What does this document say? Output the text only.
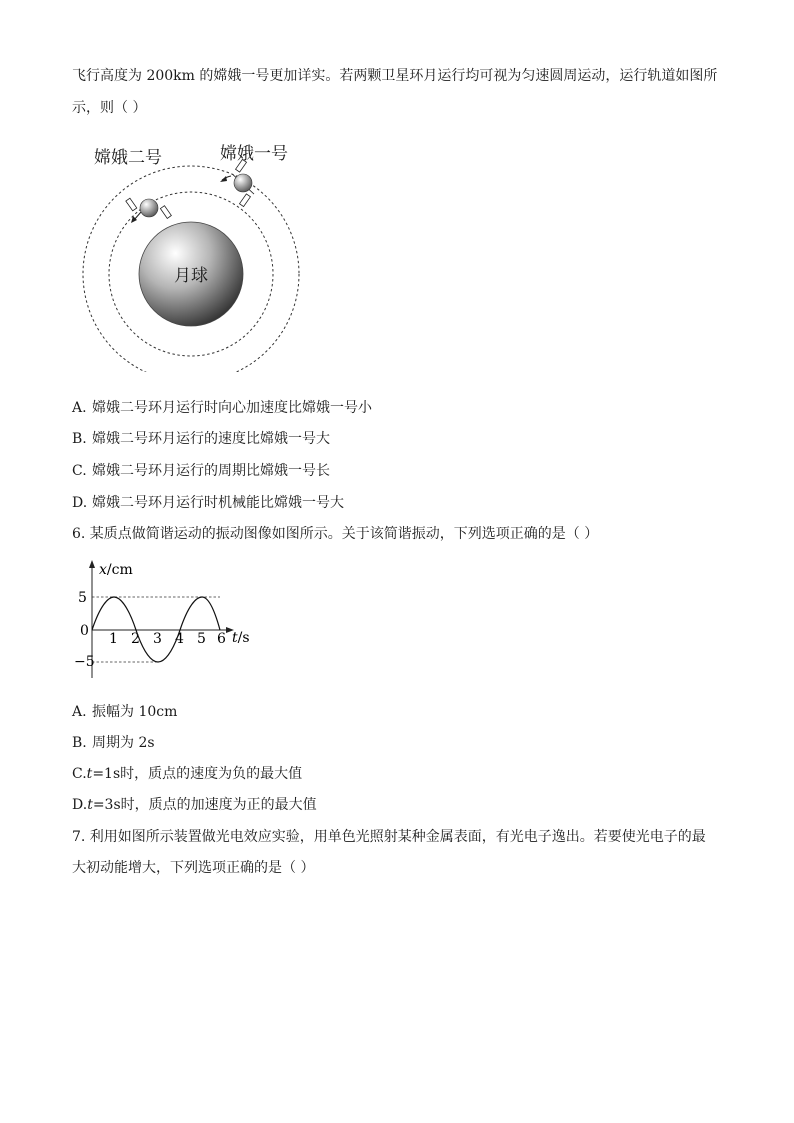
飞行高度为 200km 的嫦娥一号更加详实。若两颗卫星环月运行均可视为匀速圆周运动，运行轨道如图所
示，则（ ）
月球
嫦娥二号	嫦娥一号
A. 嫦娥二号环月运行时向心加速度比嫦娥一号小
B. 嫦娥二号环月运行的速度比嫦娥一号大
C. 嫦娥二号环月运行的周期比嫦娥一号长
D. 嫦娥二号环月运行时机械能比嫦娥一号大
6. 某质点做简谐运动的振动图像如图所示。关于该简谐振动，下列选项正确的是（ ）
x/cm
t/s
5
0
−5
1 2 3 4 5 6
A. 振幅为 10cm
B. 周期为 2s
C.t=1s时，质点的速度为负的最大值
D.t=3s时，质点的加速度为正的最大值
7. 利用如图所示装置做光电效应实验，用单色光照射某种金属表面，有光电子逸出。若要使光电子的最
大初动能增大，下列选项正确的是（ ）
